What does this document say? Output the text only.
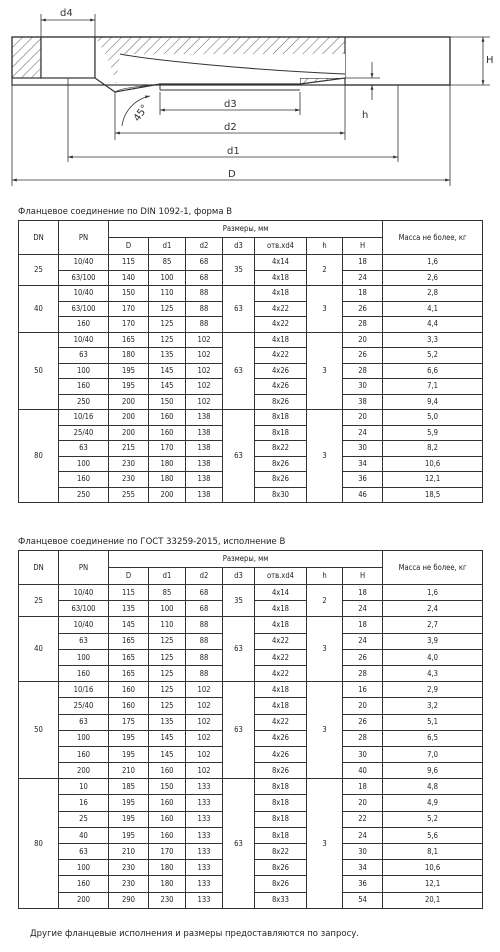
d4
d3
d2
d1
D
H
h
45°
Фланцевое соединение по DIN 1092-1, форма В
DN	PN	Размеры, мм							Масса не более, кг
		D	d1	d2	d3	отв.хd4	h	H	
25	10/40	115	85	68	35	4х14	2	18	1,6
	63/100	140	100	68		4х18		24	2,6
40	10/40	150	110	88	63	4х18	3	18	2,8
	63/100	170	125	88		4х22		26	4,1
	160	170	125	88		4х22		28	4,4
50	10/40	165	125	102	63	4х18	3	20	3,3
	63	180	135	102		4х22		26	5,2
	100	195	145	102		4х26		28	6,6
	160	195	145	102		4х26		30	7,1
	250	200	150	102		8х26		38	9,4
80	10/16	200	160	138	63	8х18	3	20	5,0
	25/40	200	160	138		8х18		24	5,9
	63	215	170	138		8х22		30	8,2
	100	230	180	138		8х26		34	10,6
	160	230	180	138		8х26		36	12,1
	250	255	200	138		8х30		46	18,5
Фланцевое соединение по ГОСТ 33259-2015, исполнение В
DN	PN	Размеры, мм							Масса не более, кг
		D	d1	d2	d3	отв.хd4	h	H	
25	10/40	115	85	68	35	4х14	2	18	1,6
	63/100	135	100	68		4х18		24	2,4
40	10/40	145	110	88	63	4х18	3	18	2,7
	63	165	125	88		4х22		24	3,9
	100	165	125	88		4х22		26	4,0
	160	165	125	88		4х22		28	4,3
50	10/16	160	125	102	63	4х18	3	16	2,9
	25/40	160	125	102		4х18		20	3,2
	63	175	135	102		4х22		26	5,1
	100	195	145	102		4х26		28	6,5
	160	195	145	102		4х26		30	7,0
	200	210	160	102		8х26		40	9,6
80	10	185	150	133	63	8х18	3	18	4,8
	16	195	160	133		8х18		20	4,9
	25	195	160	133		8х18		22	5,2
	40	195	160	133		8х18		24	5,6
	63	210	170	133		8х22		30	8,1
	100	230	180	133		8х26		34	10,6
	160	230	180	133		8х26		36	12,1
	200	290	230	133		8х33		54	20,1
Другие фланцевые исполнения и размеры предоставляются по запросу.
